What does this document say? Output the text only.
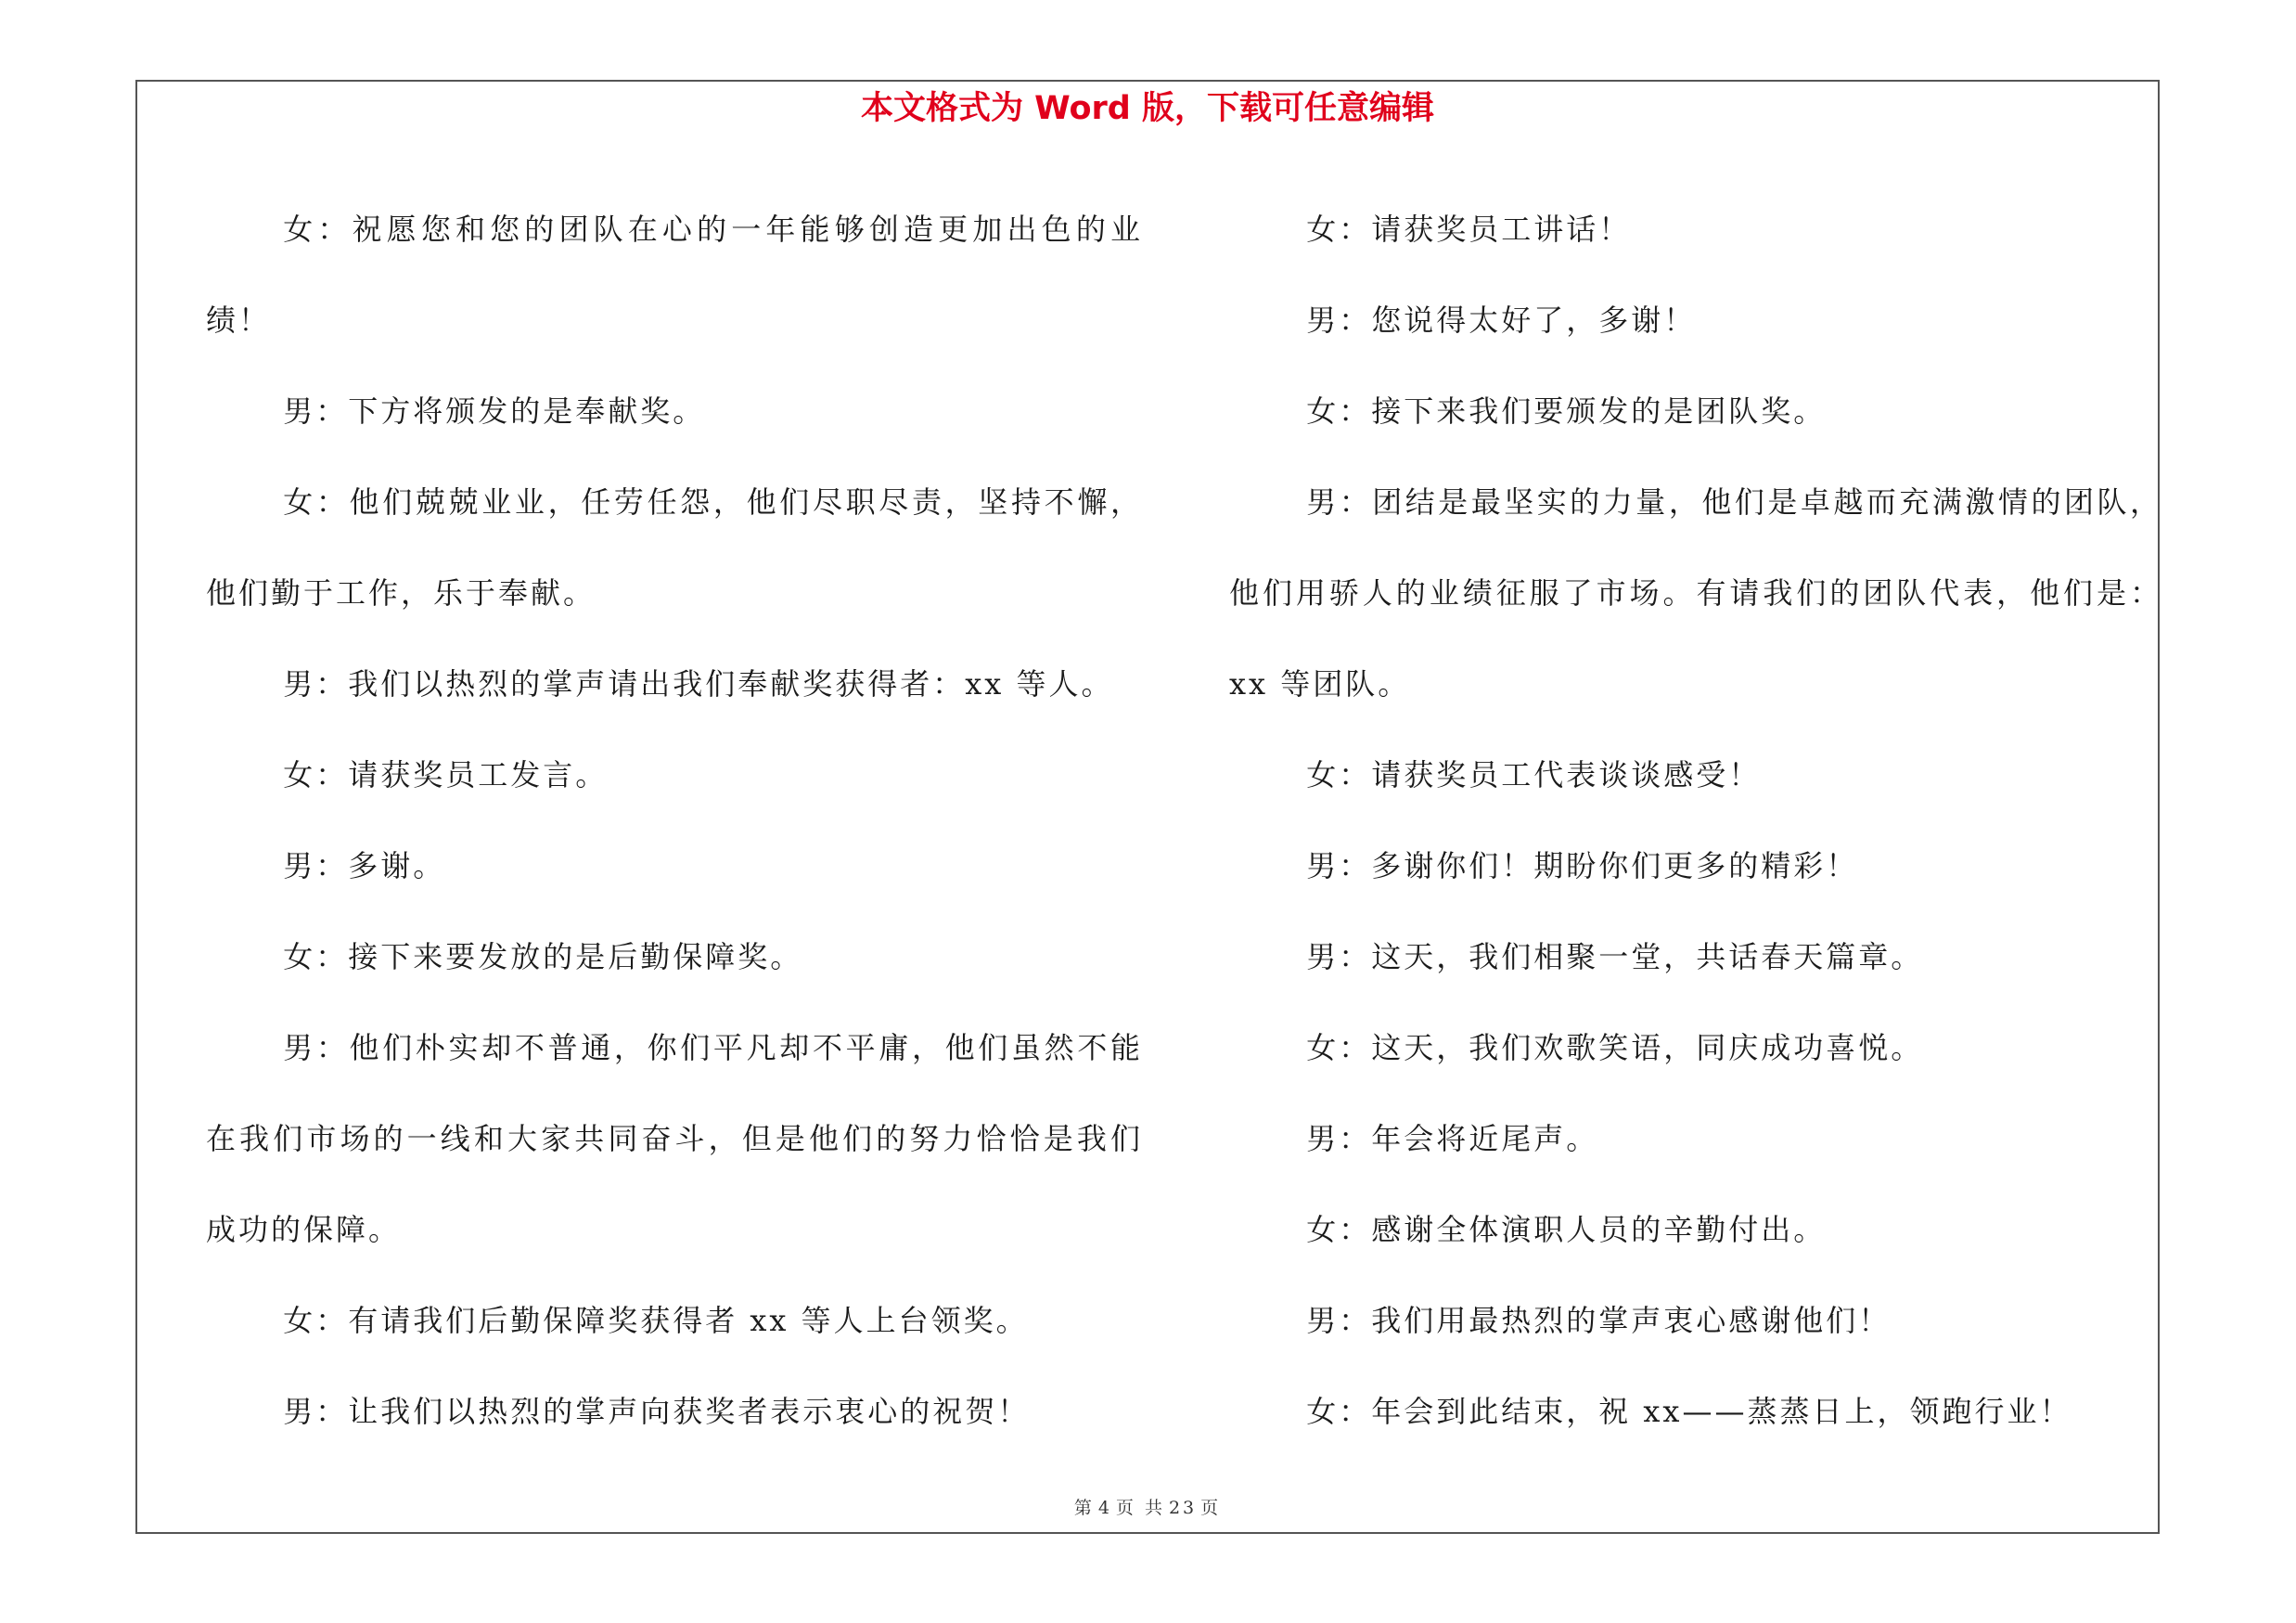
本文格式为 Word 版，下载可任意编辑

女：祝愿您和您的团队在心的一年能够创造更加出色的业绩！

男：下方将颁发的是奉献奖。

女：他们兢兢业业，任劳任怨，他们尽职尽责，坚持不懈，他们勤于工作，乐于奉献。

男：我们以热烈的掌声请出我们奉献奖获得者：xx 等人。

女：请获奖员工发言。

男：多谢。

女：接下来要发放的是后勤保障奖。

男：他们朴实却不普通，你们平凡却不平庸，他们虽然不能在我们市场的一线和大家共同奋斗，但是他们的努力恰恰是我们成功的保障。

女：有请我们后勤保障奖获得者 xx 等人上台领奖。

男：让我们以热烈的掌声向获奖者表示衷心的祝贺！

女：请获奖员工讲话！

男：您说得太好了，多谢！

女：接下来我们要颁发的是团队奖。

男：团结是最坚实的力量，他们是卓越而充满激情的团队，他们用骄人的业绩征服了市场。有请我们的团队代表，他们是：xx 等团队。

女：请获奖员工代表谈谈感受！

男：多谢你们！期盼你们更多的精彩！

男：这天，我们相聚一堂，共话春天篇章。

女：这天，我们欢歌笑语，同庆成功喜悦。

男：年会将近尾声。

女：感谢全体演职人员的辛勤付出。

男：我们用最热烈的掌声衷心感谢他们！

女：年会到此结束，祝 xx——蒸蒸日上，领跑行业！

第 4 页 共 23 页
